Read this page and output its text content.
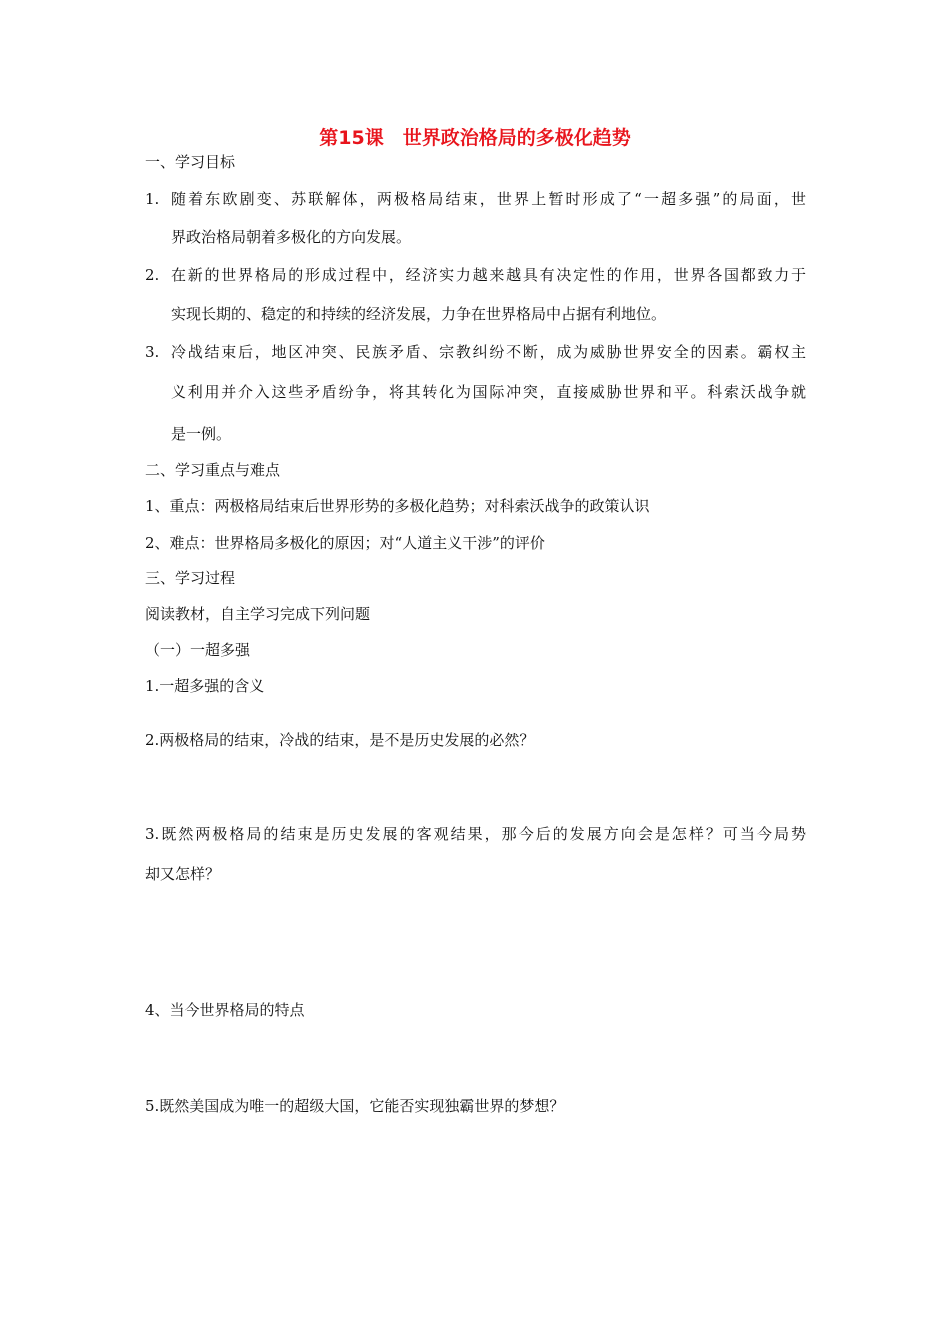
第15课　世界政治格局的多极化趋势
一、学习目标
1. 随着东欧剧变、苏联解体，两极格局结束，世界上暂时形成了“一超多强”的局面，世
界政治格局朝着多极化的方向发展。
2. 在新的世界格局的形成过程中，经济实力越来越具有决定性的作用，世界各国都致力于
实现长期的、稳定的和持续的经济发展，力争在世界格局中占据有利地位。
3. 冷战结束后，地区冲突、民族矛盾、宗教纠纷不断，成为威胁世界安全的因素。霸权主
义利用并介入这些矛盾纷争，将其转化为国际冲突，直接威胁世界和平。科索沃战争就
是一例。
二、学习重点与难点
1、重点：两极格局结束后世界形势的多极化趋势；对科索沃战争的政策认识
2、难点：世界格局多极化的原因；对“人道主义干涉”的评价
三、学习过程
阅读教材，自主学习完成下列问题
（一）一超多强
1.一超多强的含义
2.两极格局的结束，冷战的结束，是不是历史发展的必然？
3.既然两极格局的结束是历史发展的客观结果，那今后的发展方向会是怎样？可当今局势
却又怎样？
4、当今世界格局的特点
5.既然美国成为唯一的超级大国，它能否实现独霸世界的梦想？
